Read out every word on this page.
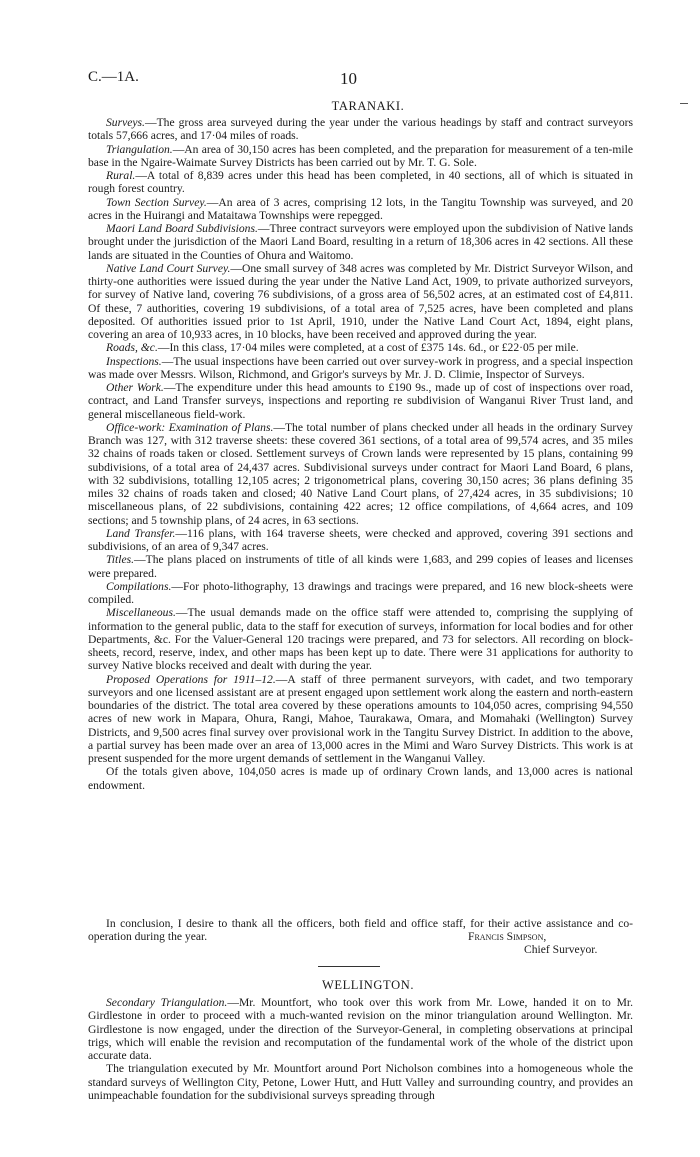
C.—1A.	10
TARANAKI.

Surveys.—The gross area surveyed during the year under the various headings by staff and contract surveyors totals 57,666 acres, and 17·04 miles of roads.

Triangulation.—An area of 30,150 acres has been completed, and the preparation for measurement of a ten-mile base in the Ngaire-Waimate Survey Districts has been carried out by Mr. T. G. Sole.

Rural.—A total of 8,839 acres under this head has been completed, in 40 sections, all of which is situated in rough forest country.

Town Section Survey.—An area of 3 acres, comprising 12 lots, in the Tangitu Township was surveyed, and 20 acres in the Huirangi and Mataitawa Townships were repegged.

Maori Land Board Subdivisions.—Three contract surveyors were employed upon the subdivision of Native lands brought under the jurisdiction of the Maori Land Board, resulting in a return of 18,306 acres in 42 sections. All these lands are situated in the Counties of Ohura and Waitomo.

Native Land Court Survey.—One small survey of 348 acres was completed by Mr. District Surveyor Wilson, and thirty-one authorities were issued during the year under the Native Land Act, 1909, to private authorized surveyors, for survey of Native land, covering 76 subdivisions, of a gross area of 56,502 acres, at an estimated cost of £4,811. Of these, 7 authorities, covering 19 subdivisions, of a total area of 7,525 acres, have been completed and plans deposited. Of authorities issued prior to 1st April, 1910, under the Native Land Court Act, 1894, eight plans, covering an area of 10,933 acres, in 10 blocks, have been received and approved during the year.

Roads, &c.—In this class, 17·04 miles were completed, at a cost of £375 14s. 6d., or £22·05 per mile.

Inspections.—The usual inspections have been carried out over survey-work in progress, and a special inspection was made over Messrs. Wilson, Richmond, and Grigor's surveys by Mr. J. D. Climie, Inspector of Surveys.

Other Work.—The expenditure under this head amounts to £190 9s., made up of cost of inspections over road, contract, and Land Transfer surveys, inspections and reporting re subdivision of Wanganui River Trust land, and general miscellaneous field-work.

Office-work: Examination of Plans.—The total number of plans checked under all heads in the ordinary Survey Branch was 127, with 312 traverse sheets: these covered 361 sections, of a total area of 99,574 acres, and 35 miles 32 chains of roads taken or closed. Settlement surveys of Crown lands were represented by 15 plans, containing 99 subdivisions, of a total area of 24,437 acres. Subdivisional surveys under contract for Maori Land Board, 6 plans, with 32 subdivisions, totalling 12,105 acres; 2 trigonometrical plans, covering 30,150 acres; 36 plans defining 35 miles 32 chains of roads taken and closed; 40 Native Land Court plans, of 27,424 acres, in 35 subdivisions; 10 miscellaneous plans, of 22 subdivisions, containing 422 acres; 12 office compilations, of 4,664 acres, and 109 sections; and 5 township plans, of 24 acres, in 63 sections.

Land Transfer.—116 plans, with 164 traverse sheets, were checked and approved, covering 391 sections and subdivisions, of an area of 9,347 acres.

Titles.—The plans placed on instruments of title of all kinds were 1,683, and 299 copies of leases and licenses were prepared.

Compilations.—For photo-lithography, 13 drawings and tracings were prepared, and 16 new block-sheets were compiled.

Miscellaneous.—The usual demands made on the office staff were attended to, comprising the supplying of information to the general public, data to the staff for execution of surveys, information for local bodies and for other Departments, &c. For the Valuer-General 120 tracings were prepared, and 73 for selectors. All recording on block-sheets, record, reserve, index, and other maps has been kept up to date. There were 31 applications for authority to survey Native blocks received and dealt with during the year.

Proposed Operations for 1911–12.—A staff of three permanent surveyors, with cadet, and two temporary surveyors and one licensed assistant are at present engaged upon settlement work along the eastern and north-eastern boundaries of the district. The total area covered by these operations amounts to 104,050 acres, comprising 94,550 acres of new work in Mapara, Ohura, Rangi, Mahoe, Taurakawa, Omara, and Momahaki (Wellington) Survey Districts, and 9,500 acres final survey over provisional work in the Tangitu Survey District. In addition to the above, a partial survey has been made over an area of 13,000 acres in the Mimi and Waro Survey Districts. This work is at present suspended for the more urgent demands of settlement in the Wanganui Valley.

Of the totals given above, 104,050 acres is made up of ordinary Crown lands, and 13,000 acres is national endowment.

In conclusion, I desire to thank all the officers, both field and office staff, for their active assistance and co-operation during the year.	Francis Simpson,
Chief Surveyor.
WELLINGTON.

Secondary Triangulation.—Mr. Mountfort, who took over this work from Mr. Lowe, handed it on to Mr. Girdlestone in order to proceed with a much-wanted revision on the minor triangulation around Wellington. Mr. Girdlestone is now engaged, under the direction of the Surveyor-General, in completing observations at principal trigs, which will enable the revision and recomputation of the fundamental work of the whole of the district upon accurate data.

The triangulation executed by Mr. Mountfort around Port Nicholson combines into a homogeneous whole the standard surveys of Wellington City, Petone, Lower Hutt, and Hutt Valley and surrounding country, and provides an unimpeachable foundation for the subdivisional surveys spreading through
